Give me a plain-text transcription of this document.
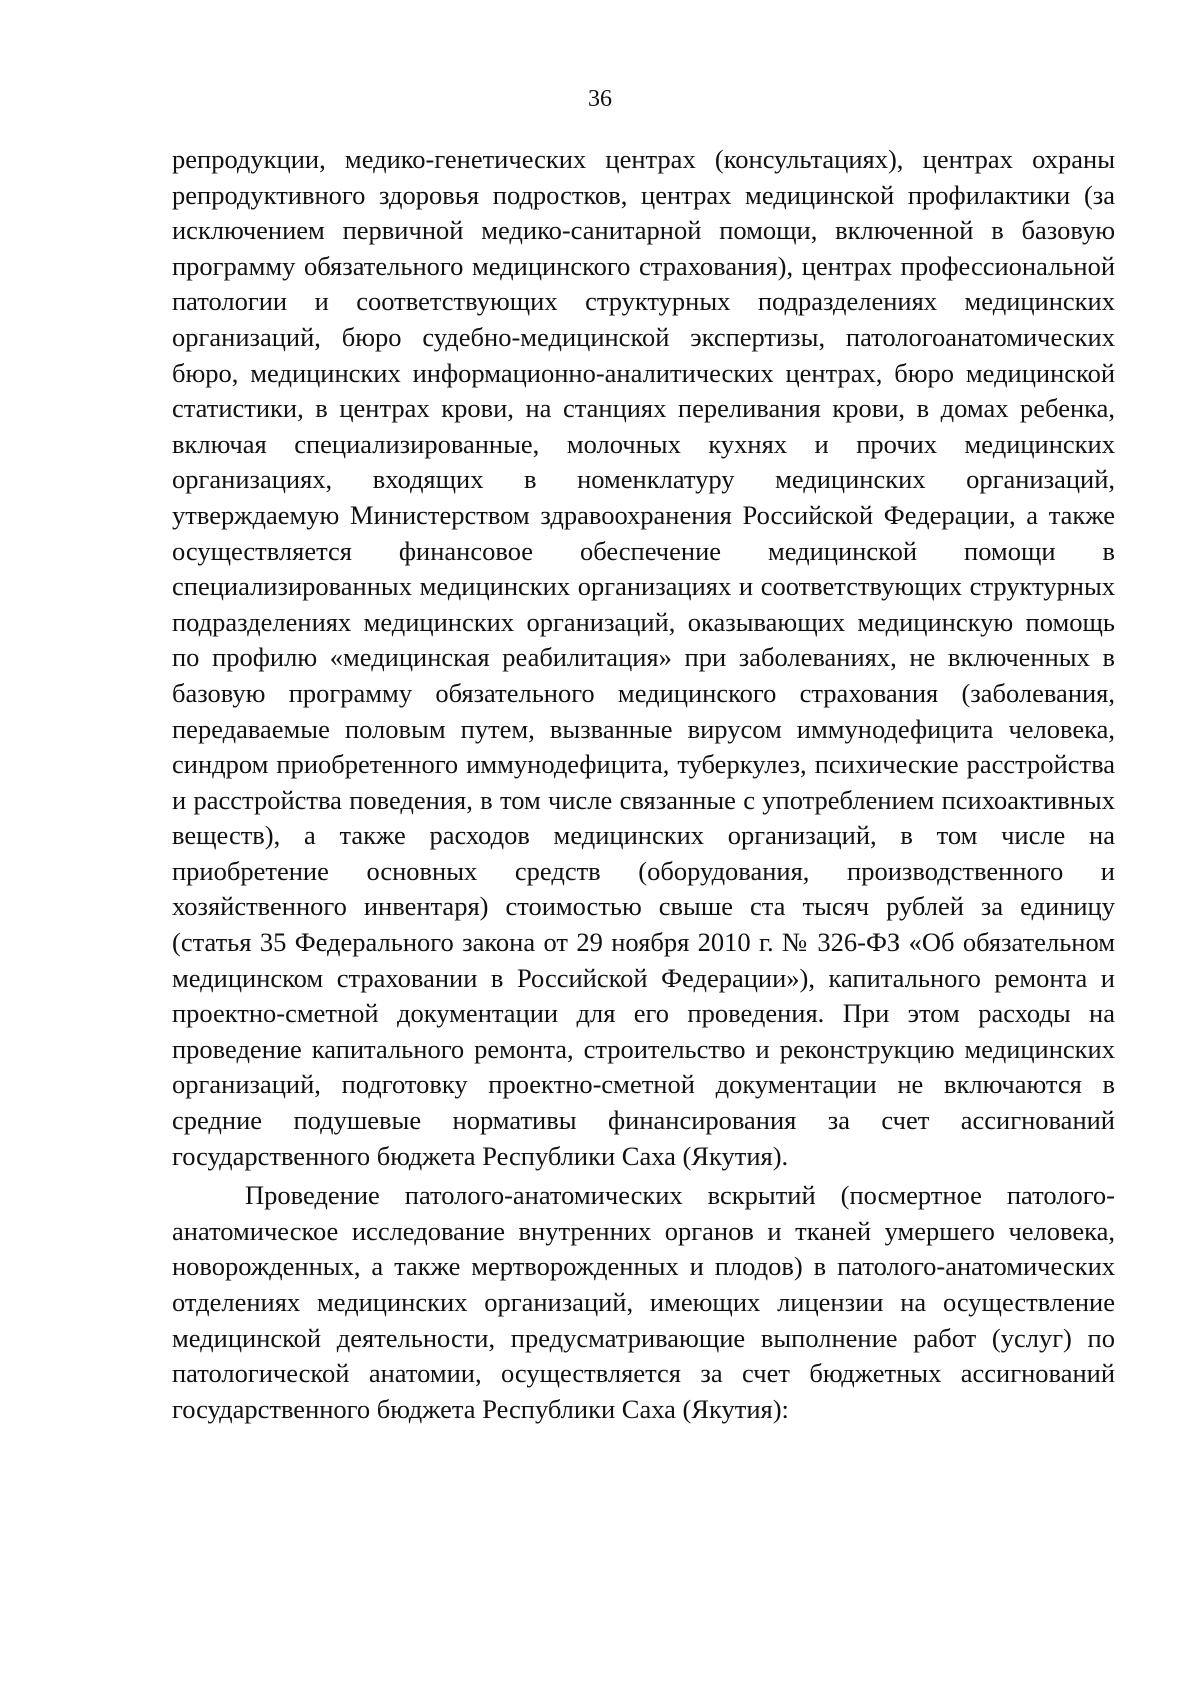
36

репродукции, медико-генетических центрах (консультациях), центрах охраны репродуктивного здоровья подростков, центрах медицинской профилактики (за исключением первичной медико-санитарной помощи, включенной в базовую программу обязательного медицинского страхования), центрах профессиональной патологии и соответствующих структурных подразделениях медицинских организаций, бюро судебно-медицинской экспертизы, патологоанатомических бюро, медицинских информационно-аналитических центрах, бюро медицинской статистики, в центрах крови, на станциях переливания крови, в домах ребенка, включая специализированные, молочных кухнях и прочих медицинских организациях, входящих в номенклатуру медицинских организаций, утверждаемую Министерством здравоохранения Российской Федерации, а также осуществляется финансовое обеспечение медицинской помощи в специализированных медицинских организациях и соответствующих структурных подразделениях медицинских организаций, оказывающих медицинскую помощь по профилю «медицинская реабилитация» при заболеваниях, не включенных в базовую программу обязательного медицинского страхования (заболевания, передаваемые половым путем, вызванные вирусом иммунодефицита человека, синдром приобретенного иммунодефицита, туберкулез, психические расстройства и расстройства поведения, в том числе связанные с употреблением психоактивных веществ), а также расходов медицинских организаций, в том числе на приобретение основных средств (оборудования, производственного и хозяйственного инвентаря) стоимостью свыше ста тысяч рублей за единицу (статья 35 Федерального закона от 29 ноября 2010 г. № 326-ФЗ «Об обязательном медицинском страховании в Российской Федерации»), капитального ремонта и проектно-сметной документации для его проведения. При этом расходы на проведение капитального ремонта, строительство и реконструкцию медицинских организаций, подготовку проектно-сметной документации не включаются в средние подушевые нормативы финансирования за счет ассигнований государственного бюджета Республики Саха (Якутия).

Проведение патолого-анатомических вскрытий (посмертное патолого-анатомическое исследование внутренних органов и тканей умершего человека, новорожденных, а также мертворожденных и плодов) в патолого-анатомических отделениях медицинских организаций, имеющих лицензии на осуществление медицинской деятельности, предусматривающие выполнение работ (услуг) по патологической анатомии, осуществляется за счет бюджетных ассигнований государственного бюджета Республики Саха (Якутия):
